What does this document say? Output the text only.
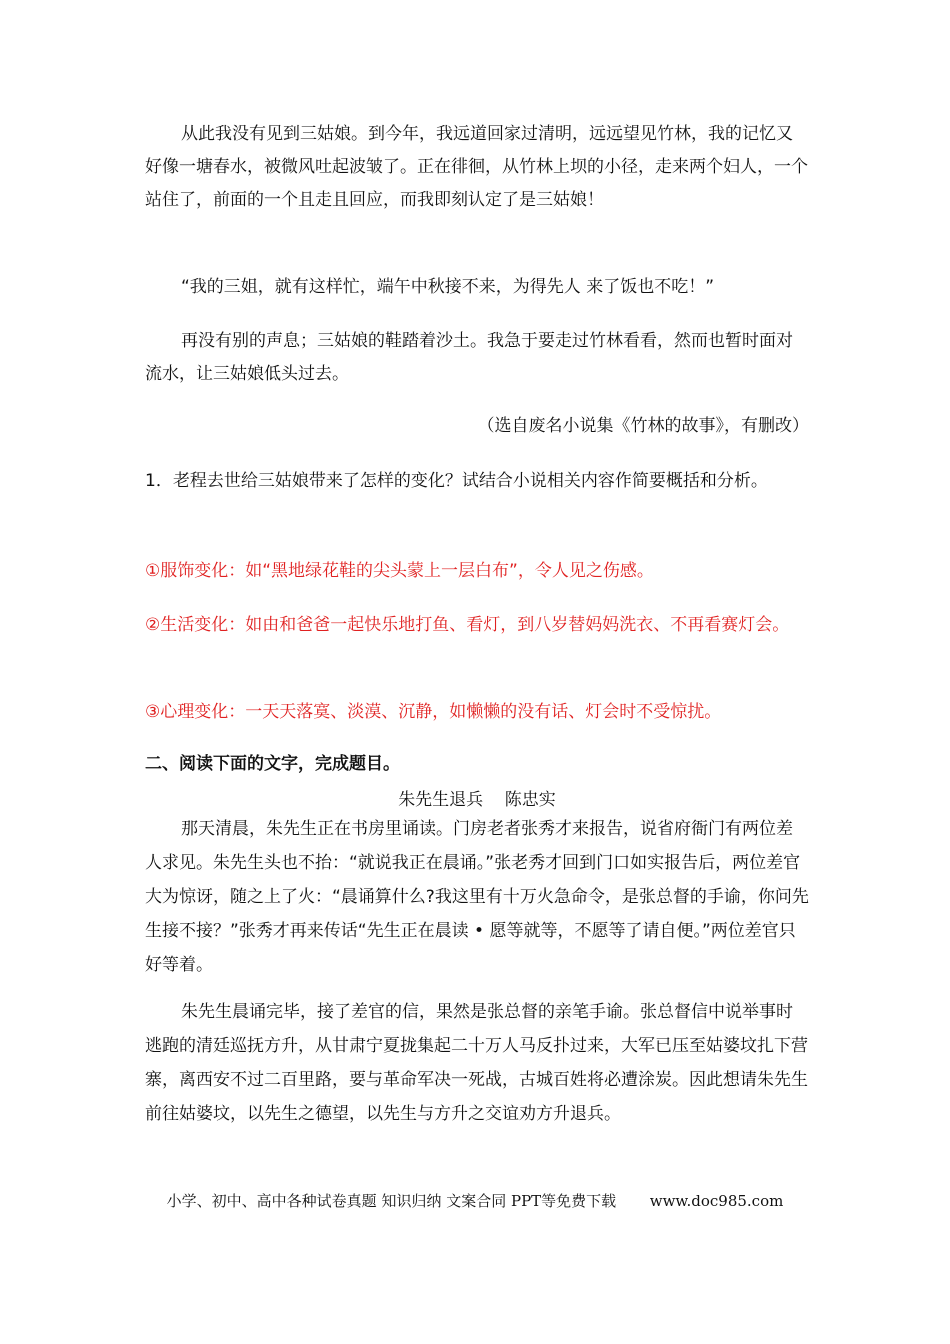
从此我没有见到三姑娘。到今年，我远道回家过清明，远远望见竹林，我的记忆又好像一塘春水，被微风吐起波皱了。正在徘徊，从竹林上坝的小径，走来两个妇人，一个站住了，前面的一个且走且回应，而我即刻认定了是三姑娘！

“我的三姐，就有这样忙，端午中秋接不来，为得先人 来了饭也不吃！”

再没有别的声息；三姑娘的鞋踏着沙土。我急于要走过竹林看看，然而也暂时面对流水，让三姑娘低头过去。

（选自废名小说集《竹林的故事》，有删改）

1．老程去世给三姑娘带来了怎样的变化？试结合小说相关内容作简要概括和分析。

①服饰变化：如“黑地绿花鞋的尖头蒙上一层白布”，令人见之伤感。

②生活变化：如由和爸爸一起快乐地打鱼、看灯，到八岁替妈妈洗衣、不再看赛灯会。

③心理变化：一天天落寞、淡漠、沉静，如懒懒的没有话、灯会时不受惊扰。

二、阅读下面的文字，完成题目。

朱先生退兵    陈忠实

那天清晨，朱先生正在书房里诵读。门房老者张秀才来报告，说省府衙门有两位差人求见。朱先生头也不抬：“就说我正在晨诵。”张老秀才回到门口如实报告后，两位差官大为惊讶，随之上了火：“晨诵算什么?我这里有十万火急命令，是张总督的手谕，你问先生接不接？”张秀才再来传话“先生正在晨读 • 愿等就等，不愿等了请自便。”两位差官只好等着。

朱先生晨诵完毕，接了差官的信，果然是张总督的亲笔手谕。张总督信中说举事时逃跑的清廷巡抚方升，从甘肃宁夏拢集起二十万人马反扑过来，大军已压至姑婆坟扎下营寨，离西安不过二百里路，要与革命军决一死战，古城百姓将必遭涂炭。因此想请朱先生前往姑婆坟，以先生之德望，以先生与方升之交谊劝方升退兵。

小学、初中、高中各种试卷真题 知识归纳 文案合同 PPT等免费下载 www.doc985.com
